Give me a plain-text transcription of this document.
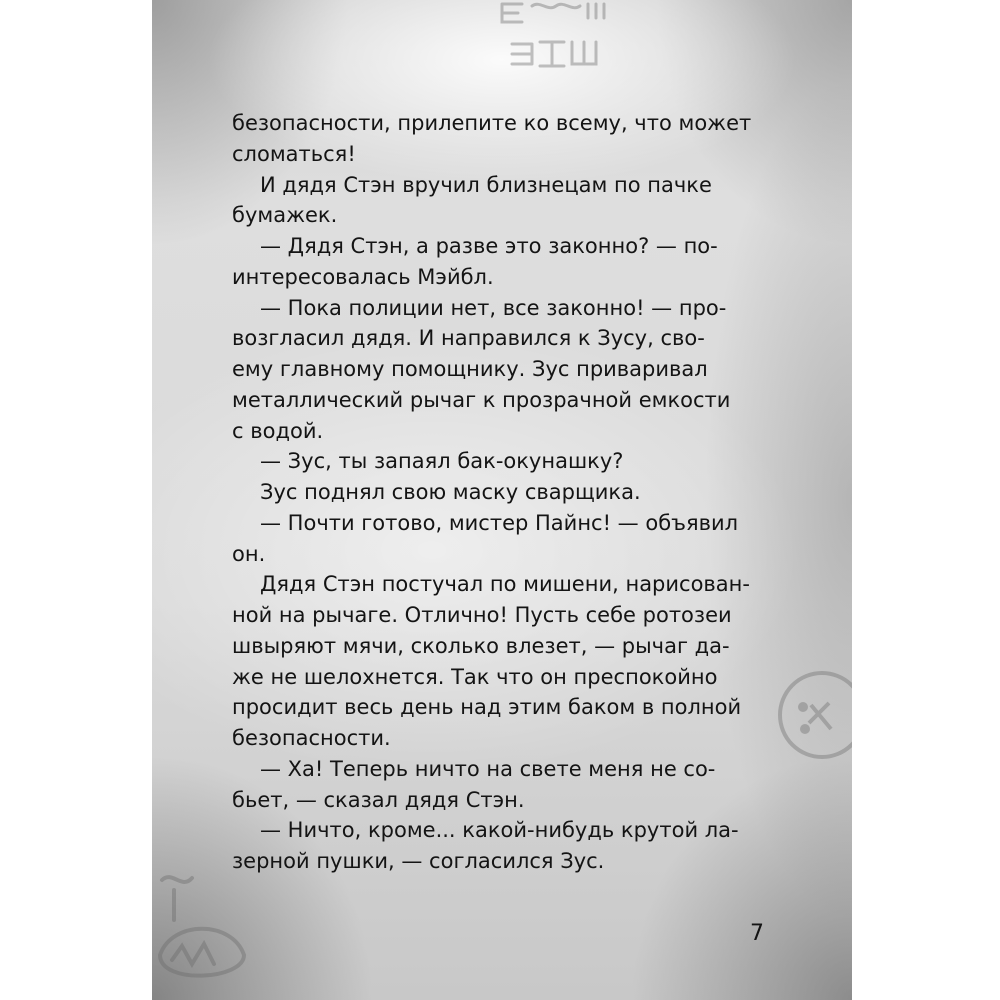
безопасности, прилепите ко всему, что может
сломаться!
И дядя Стэн вручил близнецам по пачке
бумажек.
— Дядя Стэн, а разве это законно? — по-
интересовалась Мэйбл.
— Пока полиции нет, все законно! — про-
возгласил дядя. И направился к Зусу, сво-
ему главному помощнику. Зус приваривал
металлический рычаг к прозрачной емкости
с водой.
— Зус, ты запаял бак-окунашку?
Зус поднял свою маску сварщика.
— Почти готово, мистер Пайнс! — объявил
он.
Дядя Стэн постучал по мишени, нарисован-
ной на рычаге. Отлично! Пусть себе ротозеи
швыряют мячи, сколько влезет, — рычаг да-
же не шелохнется. Так что он преспокойно
просидит весь день над этим баком в полной
безопасности.
— Ха! Теперь ничто на свете меня не со-
бьет, — сказал дядя Стэн.
— Ничто, кроме... какой-нибудь крутой ла-
зерной пушки, — согласился Зус.
7
